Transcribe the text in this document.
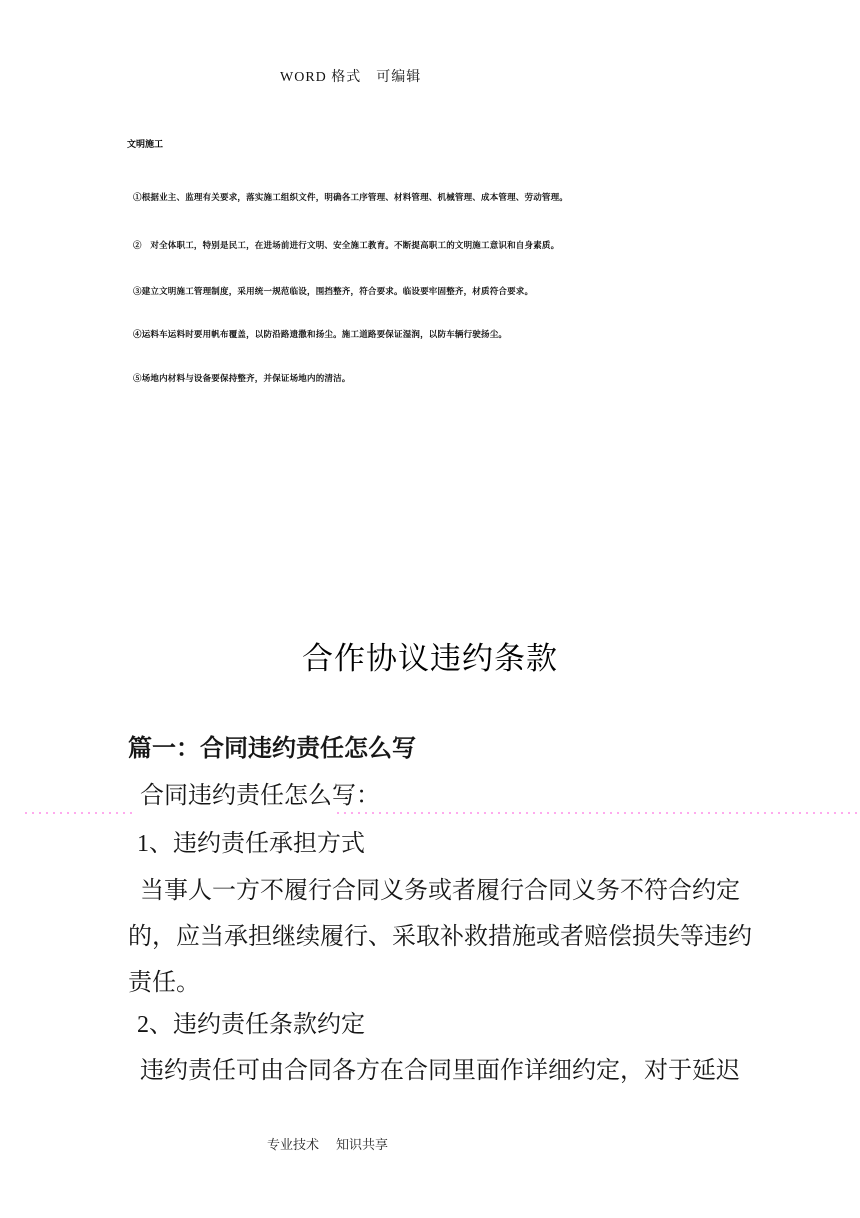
WORD 格式　可编辑
文明施工
①根据业主、监理有关要求，落实施工组织文件，明确各工序管理、材料管理、机械管理、成本管理、劳动管理。
②　对全体职工，特别是民工，在进场前进行文明、安全施工教育。不断提高职工的文明施工意识和自身素质。
③建立文明施工管理制度，采用统一规范临设，围挡整齐，符合要求。临设要牢固整齐，材质符合要求。
④运料车运料时要用帆布覆盖，以防沿路遗撒和扬尘。施工道路要保证湿润，以防车辆行驶扬尘。
⑤场地内材料与设备要保持整齐，并保证场地内的清洁。
合作协议违约条款
篇一：合同违约责任怎么写
合同违约责任怎么写：
1、违约责任承担方式
当事人一方不履行合同义务或者履行合同义务不符合约定
的，应当承担继续履行、采取补救措施或者赔偿损失等违约
责任。
2、违约责任条款约定
违约责任可由合同各方在合同里面作详细约定，对于延迟
专业技术 知识共享
